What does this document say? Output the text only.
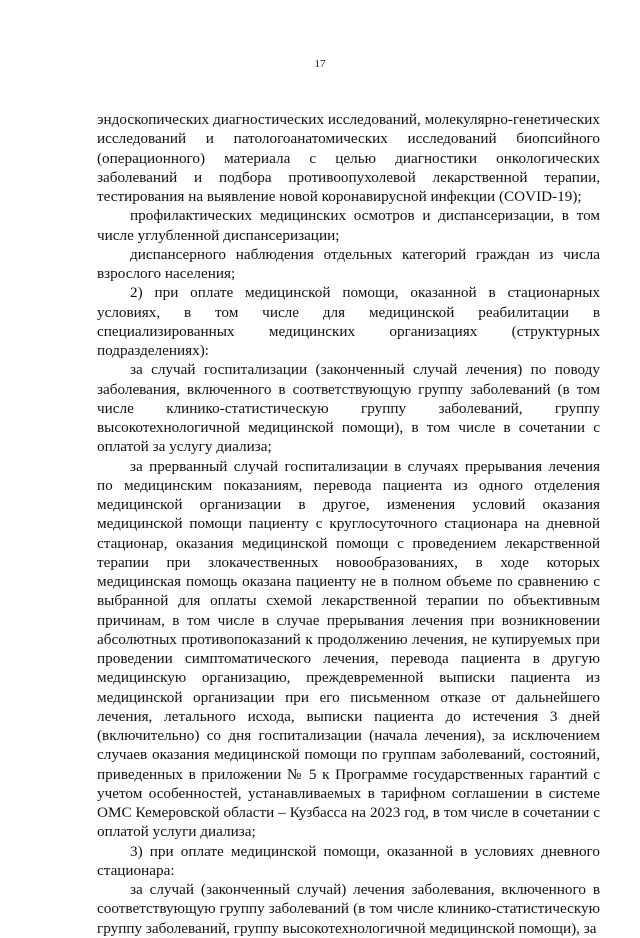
17

эндоскопических диагностических исследований, молекулярно-генетических исследований и патологоанатомических исследований биопсийного (операционного) материала с целью диагностики онкологических заболеваний и подбора противоопухолевой лекарственной терапии, тестирования на выявление новой коронавирусной инфекции (COVID-19);

профилактических медицинских осмотров и диспансеризации, в том числе углубленной диспансеризации;

диспансерного наблюдения отдельных категорий граждан из числа взрослого населения;

2) при оплате медицинской помощи, оказанной в стационарных условиях, в том числе для медицинской реабилитации в специализированных медицинских организациях (структурных подразделениях):

за случай госпитализации (законченный случай лечения) по поводу заболевания, включенного в соответствующую группу заболеваний (в том числе клинико-статистическую группу заболеваний, группу высокотехнологичной медицинской помощи), в том числе в сочетании с оплатой за услугу диализа;

за прерванный случай госпитализации в случаях прерывания лечения по медицинским показаниям, перевода пациента из одного отделения медицинской организации в другое, изменения условий оказания медицинской помощи пациенту с круглосуточного стационара на дневной стационар, оказания медицинской помощи с проведением лекарственной терапии при злокачественных новообразованиях, в ходе которых медицинская помощь оказана пациенту не в полном объеме по сравнению с выбранной для оплаты схемой лекарственной терапии по объективным причинам, в том числе в случае прерывания лечения при возникновении абсолютных противопоказаний к продолжению лечения, не купируемых при проведении симптоматического лечения, перевода пациента в другую медицинскую организацию, преждевременной выписки пациента из медицинской организации при его письменном отказе от дальнейшего лечения, летального исхода, выписки пациента до истечения 3 дней (включительно) со дня госпитализации (начала лечения), за исключением случаев оказания медицинской помощи по группам заболеваний, состояний, приведенных в приложении № 5 к Программе государственных гарантий с учетом особенностей, устанавливаемых в тарифном соглашении в системе ОМС Кемеровской области – Кузбасса на 2023 год, в том числе в сочетании с оплатой услуги диализа;

3) при оплате медицинской помощи, оказанной в условиях дневного стационара:

за случай (законченный случай) лечения заболевания, включенного в соответствующую группу заболеваний (в том числе клинико-статистическую группу заболеваний, группу высокотехнологичной медицинской помощи), за
